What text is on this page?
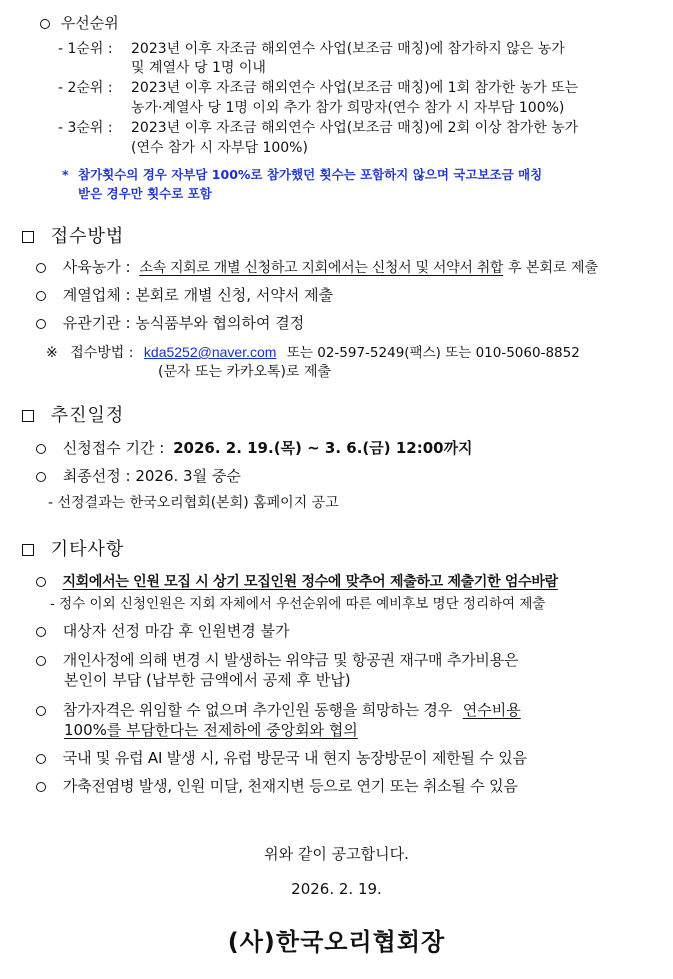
우선순위
- 1순위 : 2023년 이후 자조금 해외연수 사업(보조금 매칭)에 참가하지 않은 농가
및 계열사 당 1명 이내
- 2순위 : 2023년 이후 자조금 해외연수 사업(보조금 매칭)에 1회 참가한 농가 또는
농가·계열사 당 1명 이외 추가 참가 희망자(연수 참가 시 자부담 100%)
- 3순위 : 2023년 이후 자조금 해외연수 사업(보조금 매칭)에 2회 이상 참가한 농가
(연수 참가 시 자부담 100%)
* 참가횟수의 경우 자부담 100%로 참가했던 횟수는 포함하지 않으며 국고보조금 매칭
받은 경우만 횟수로 포함
접수방법
사육농가 : 소속 지회로 개별 신청하고 지회에서는 신청서 및 서약서 취합 후 본회로 제출
계열업체 : 본회로 개별 신청, 서약서 제출
유관기관 : 농식품부와 협의하여 결정
※ 접수방법 : kda5252@naver.com 또는 02-597-5249(팩스) 또는 010-5060-8852
(문자 또는 카카오톡)로 제출
추진일정
신청접수 기간 : 2026. 2. 19.(목) ~ 3. 6.(금) 12:00까지
최종선정 : 2026. 3월 중순
- 선정결과는 한국오리협회(본회) 홈페이지 공고
기타사항
지회에서는 인원 모집 시 상기 모집인원 정수에 맞추어 제출하고 제출기한 엄수바람
- 정수 이외 신청인원은 지회 자체에서 우선순위에 따른 예비후보 명단 정리하여 제출
대상자 선정 마감 후 인원변경 불가
개인사정에 의해 변경 시 발생하는 위약금 및 항공권 재구매 추가비용은
본인이 부담 (납부한 금액에서 공제 후 반납)
참가자격은 위임할 수 없으며 추가인원 동행을 희망하는 경우 연수비용
100%를 부담한다는 전제하에 중앙회와 협의
국내 및 유럽 AI 발생 시, 유럽 방문국 내 현지 농장방문이 제한될 수 있음
가축전염병 발생, 인원 미달, 천재지변 등으로 연기 또는 취소될 수 있음
위와 같이 공고합니다.
2026. 2. 19.
(사)한국오리협회장
